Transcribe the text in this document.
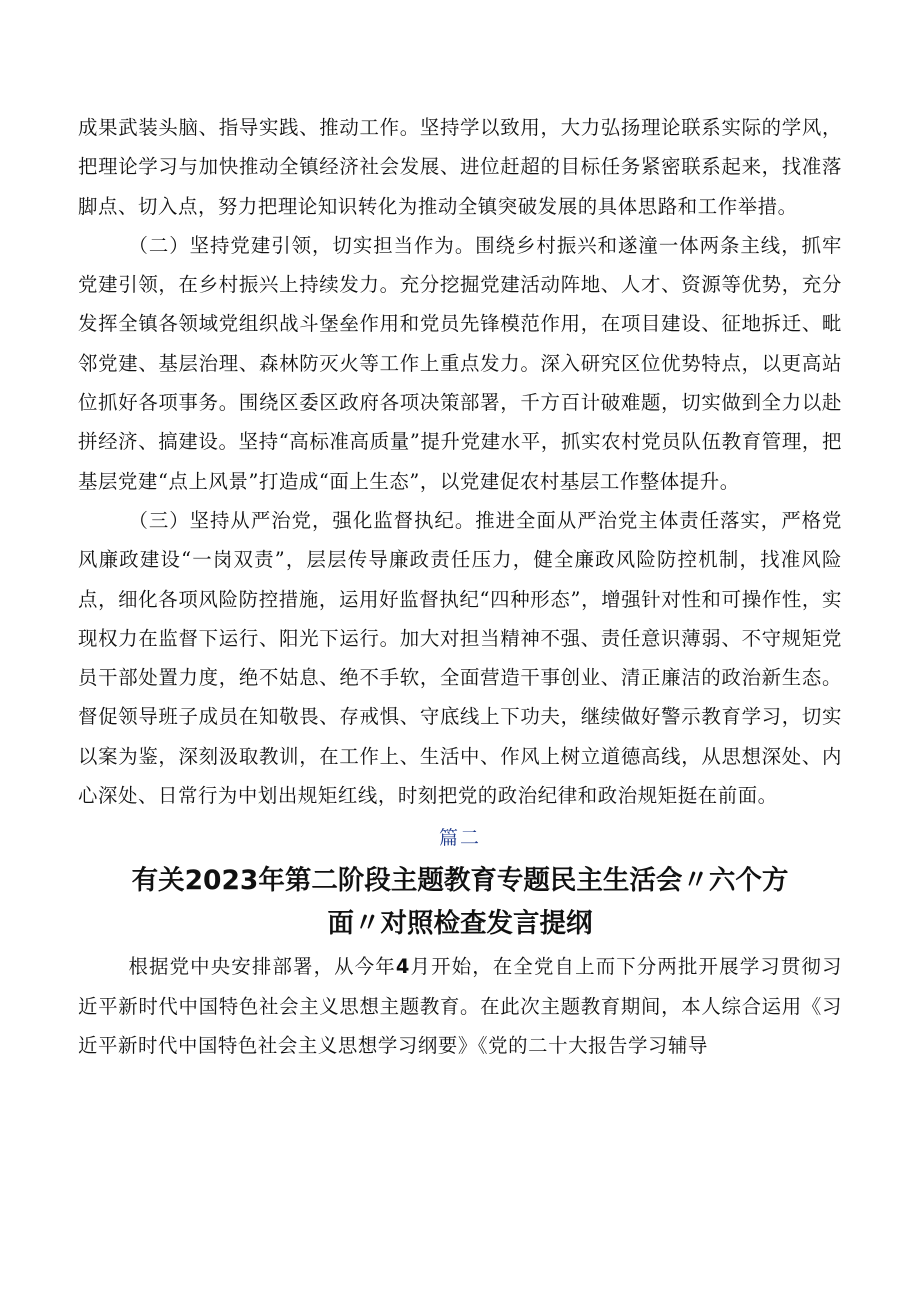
成果武装头脑、指导实践、推动工作。坚持学以致用，大力弘扬理论联系实际的学风，把理论学习与加快推动全镇经济社会发展、进位赶超的目标任务紧密联系起来，找准落脚点、切入点，努力把理论知识转化为推动全镇突破发展的具体思路和工作举措。

（二）坚持党建引领，切实担当作为。围绕乡村振兴和遂潼一体两条主线，抓牢党建引领，在乡村振兴上持续发力。充分挖掘党建活动阵地、人才、资源等优势，充分发挥全镇各领域党组织战斗堡垒作用和党员先锋模范作用，在项目建设、征地拆迁、毗邻党建、基层治理、森林防灭火等工作上重点发力。深入研究区位优势特点，以更高站位抓好各项事务。围绕区委区政府各项决策部署，千方百计破难题，切实做到全力以赴拼经济、搞建设。坚持“高标准高质量”提升党建水平，抓实农村党员队伍教育管理，把基层党建“点上风景”打造成“面上生态”，以党建促农村基层工作整体提升。

（三）坚持从严治党，强化监督执纪。推进全面从严治党主体责任落实，严格党风廉政建设“一岗双责”，层层传导廉政责任压力，健全廉政风险防控机制，找准风险点，细化各项风险防控措施，运用好监督执纪“四种形态”，增强针对性和可操作性，实现权力在监督下运行、阳光下运行。加大对担当精神不强、责任意识薄弱、不守规矩党员干部处置力度，绝不姑息、绝不手软，全面营造干事创业、清正廉洁的政治新生态。督促领导班子成员在知敬畏、存戒惧、守底线上下功夫，继续做好警示教育学习，切实以案为鉴，深刻汲取教训，在工作上、生活中、作风上树立道德高线，从思想深处、内心深处、日常行为中划出规矩红线，时刻把党的政治纪律和政治规矩挺在前面。

篇二
有关2023年第二阶段主题教育专题民主生活会〃六个方
面〃对照检查发言提纲

根据党中央安排部署，从今年4月开始，在全党自上而下分两批开展学习贯彻习近平新时代中国特色社会主义思想主题教育。在此次主题教育期间，本人综合运用《习近平新时代中国特色社会主义思想学习纲要》《党的二十大报告学习辅导
